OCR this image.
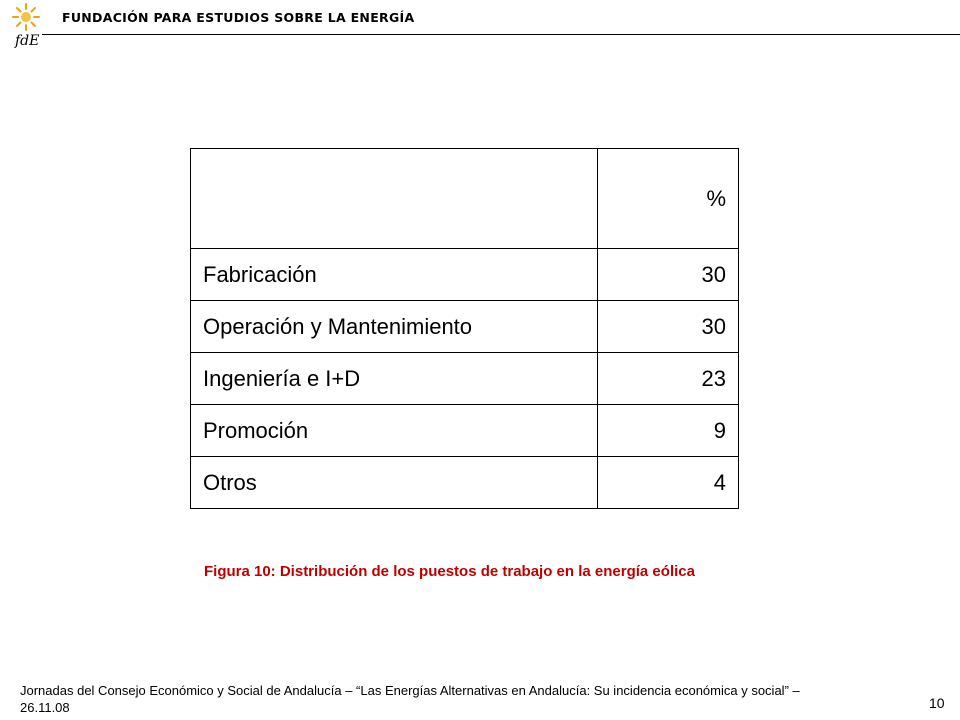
fdE
FUNDACIÓN PARA ESTUDIOS SOBRE LA ENERGÍA
	%
Fabricación	30
Operación y Mantenimiento	30
Ingeniería e I+D	23
Promoción	9
Otros	4
Figura 10: Distribución de los puestos de trabajo en la energía eólica
Jornadas del Consejo Económico y Social de Andalucía – “Las Energías Alternativas en Andalucía: Su incidencia económica y social” – 26.11.08	10
